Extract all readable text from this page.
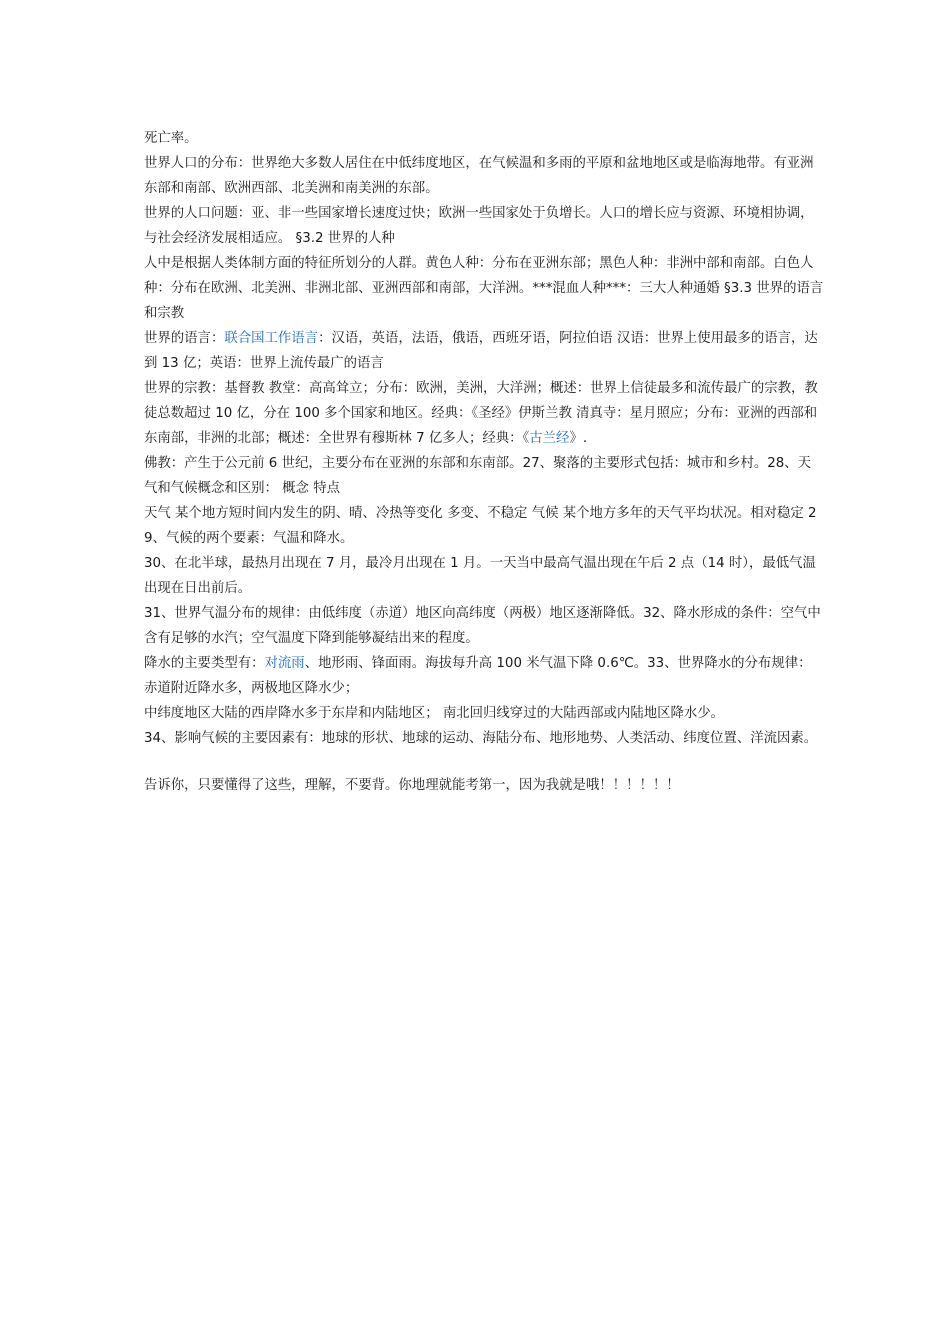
死亡率。

世界人口的分布：世界绝大多数人居住在中低纬度地区，在气候温和多雨的平原和盆地地区或是临海地带。有亚洲东部和南部、欧洲西部、北美洲和南美洲的东部。

世界的人口问题：亚、非一些国家增长速度过快；欧洲一些国家处于负增长。人口的增长应与资源、环境相协调，与社会经济发展相适应。 §3.2 世界的人种

人中是根据人类体制方面的特征所划分的人群。黄色人种：分布在亚洲东部；黑色人种：非洲中部和南部。白色人种：分布在欧洲、北美洲、非洲北部、亚洲西部和南部，大洋洲。***混血人种***：三大人种通婚 §3.3 世界的语言和宗教

世界的语言：联合国工作语言：汉语，英语，法语，俄语，西班牙语，阿拉伯语 汉语：世界上使用最多的语言，达到 13 亿；英语：世界上流传最广的语言

世界的宗教：基督教 教堂：高高耸立；分布：欧洲，美洲，大洋洲；概述：世界上信徒最多和流传最广的宗教，教徒总数超过 10 亿，分在 100 多个国家和地区。经典：《圣经》伊斯兰教 清真寺：星月照应；分布：亚洲的西部和东南部，非洲的北部；概述：全世界有穆斯林 7 亿多人；经典：《古兰经》.

佛教：产生于公元前 6 世纪，主要分布在亚洲的东部和东南部。27、聚落的主要形式包括：城市和乡村。28、天气和气候概念和区别： 概念 特点

天气 某个地方短时间内发生的阴、晴、冷热等变化 多变、不稳定 气候 某个地方多年的天气平均状况。相对稳定 29、气候的两个要素：气温和降水。

30、在北半球，最热月出现在 7 月，最冷月出现在 1 月。一天当中最高气温出现在午后 2 点（14 时），最低气温出现在日出前后。

31、世界气温分布的规律：由低纬度（赤道）地区向高纬度（两极）地区逐渐降低。32、降水形成的条件：空气中含有足够的水汽；空气温度下降到能够凝结出来的程度。

降水的主要类型有：对流雨、地形雨、锋面雨。海拔每升高 100 米气温下降 0.6℃。33、世界降水的分布规律：赤道附近降水多，两极地区降水少；

中纬度地区大陆的西岸降水多于东岸和内陆地区； 南北回归线穿过的大陆西部或内陆地区降水少。

34、影响气候的主要因素有：地球的形状、地球的运动、海陆分布、地形地势、人类活动、纬度位置、洋流因素。

告诉你，只要懂得了这些，理解，不要背。你地理就能考第一，因为我就是哦！！！！！！
